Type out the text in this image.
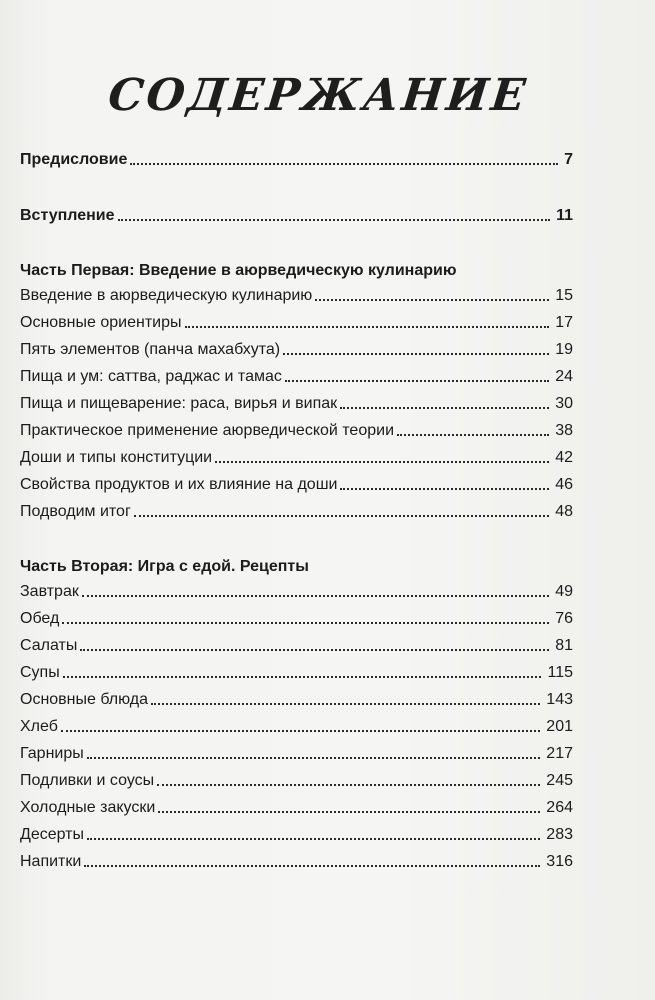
СОДЕРЖАНИЕ
Предисловие	7
Вступление	11
Часть Первая: Введение в аюрведическую кулинарию
Введение в аюрведическую кулинарию	15
Основные ориентиры	17
Пять элементов (панча махабхута)	19
Пища и ум: саттва, раджас и тамас	24
Пища и пищеварение: раса, вирья и випак	30
Практическое применение аюрведической теории	38
Доши и типы конституции	42
Свойства продуктов и их влияние на доши	46
Подводим итог	48
Часть Вторая: Игра с едой. Рецепты
Завтрак	49
Обед	76
Салаты	81
Супы	115
Основные блюда	143
Хлеб	201
Гарниры	217
Подливки и соусы	245
Холодные закуски	264
Десерты	283
Напитки	316
